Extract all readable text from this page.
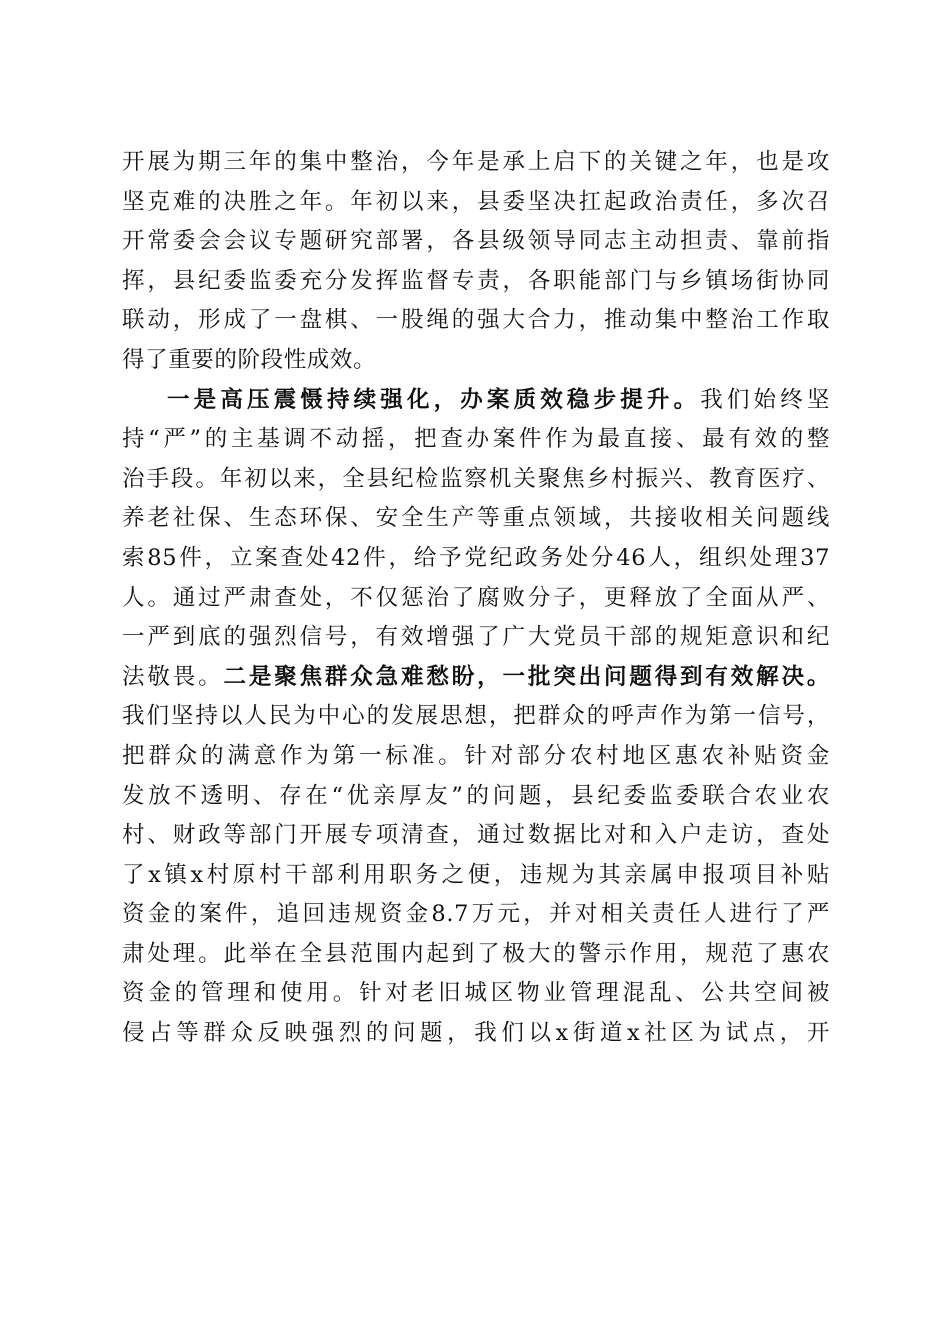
开展为期三年的集中整治，今年是承上启下的关键之年，也是攻
坚克难的决胜之年。年初以来，县委坚决扛起政治责任，多次召
开常委会会议专题研究部署，各县级领导同志主动担责、靠前指
挥，县纪委监委充分发挥监督专责，各职能部门与乡镇场街协同
联动，形成了一盘棋、一股绳的强大合力，推动集中整治工作取
得了重要的阶段性成效。
一是高压震慑持续强化，办案质效稳步提升。我们始终坚
持“严”的主基调不动摇，把查办案件作为最直接、最有效的整
治手段。年初以来，全县纪检监察机关聚焦乡村振兴、教育医疗、
养老社保、生态环保、安全生产等重点领域，共接收相关问题线
索85件，立案查处42件，给予党纪政务处分46人，组织处理37
人。通过严肃查处，不仅惩治了腐败分子，更释放了全面从严、
一严到底的强烈信号，有效增强了广大党员干部的规矩意识和纪
法敬畏。二是聚焦群众急难愁盼，一批突出问题得到有效解决。
我们坚持以人民为中心的发展思想，把群众的呼声作为第一信号，
把群众的满意作为第一标准。针对部分农村地区惠农补贴资金
发放不透明、存在“优亲厚友”的问题，县纪委监委联合农业农
村、财政等部门开展专项清查，通过数据比对和入户走访，查处
了x镇x村原村干部利用职务之便，违规为其亲属申报项目补贴
资金的案件，追回违规资金8.7万元，并对相关责任人进行了严
肃处理。此举在全县范围内起到了极大的警示作用，规范了惠农
资金的管理和使用。针对老旧城区物业管理混乱、公共空间被
侵占等群众反映强烈的问题，我们以x街道x社区为试点，开
